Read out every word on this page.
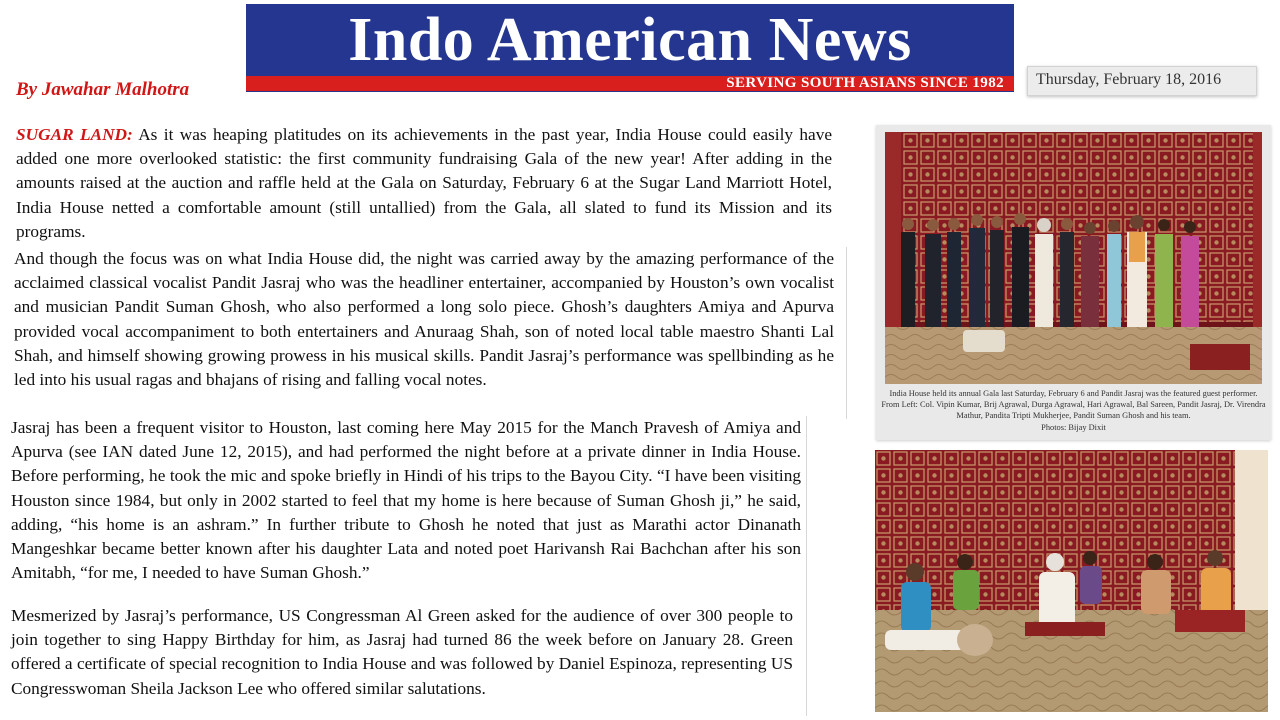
Indo American News
SERVING SOUTH ASIANS SINCE 1982	Thursday, February 18, 2016
By Jawahar Malhotra

SUGAR LAND: As it was heaping platitudes on its achievements in the past year, India House could easily have added one more overlooked statistic: the first community fundraising Gala of the new year! After adding in the amounts raised at the auction and raffle held at the Gala on Saturday, February 6 at the Sugar Land Marriott Hotel, India House netted a comfortable amount (still untallied) from the Gala, all slated to fund its Mission and its programs.

And though the focus was on what India House did, the night was carried away by the amazing performance of the acclaimed classical vocalist Pandit Jasraj who was the headliner entertainer, accompanied by Houston’s own vocalist and musician Pandit Suman Ghosh, who also performed a long solo piece. Ghosh’s daughters Amiya and Apurva provided vocal accompaniment to both entertainers and Anuraag Shah, son of noted local table maestro Shanti Lal Shah, and himself showing growing prowess in his musical skills. Pandit Jasraj’s performance was spellbinding as he led into his usual ragas and bhajans of rising and falling vocal notes.

Jasraj has been a frequent visitor to Houston, last coming here May 2015 for the Manch Pravesh of Amiya and Apurva (see IAN dated June 12, 2015), and had performed the night before at a private dinner in India House. Before performing, he took the mic and spoke briefly in Hindi of his trips to the Bayou City. “I have been visiting Houston since 1984, but only in 2002 started to feel that my home is here because of Suman Ghosh ji,” he said, adding, “his home is an ashram.” In further tribute to Ghosh he noted that just as Marathi actor Dinanath Mangeshkar became better known after his daughter Lata and noted poet Harivansh Rai Bachchan after his son Amitabh, “for me, I needed to have Suman Ghosh.”

Mesmerized by Jasraj’s performance, US Congressman Al Green asked for the audience of over 300 people to join together to sing Happy Birthday for him, as Jasraj had turned 86 the week before on January 28. Green offered a certificate of special recognition to India House and was followed by Daniel Espinoza, representing US Congresswoman Sheila Jackson Lee who offered similar salutations.

India House held its annual Gala last Saturday, February 6 and Pandit Jasraj was the featured guest performer. From Left: Col. Vipin Kumar, Brij Agrawal, Durga Agrawal, Hari Agrawal, Bal Sareen, Pandit Jasraj, Dr. Virendra Mathur, Pandita Tripti Mukherjee, Pandit Suman Ghosh and his team.
Photos: Bijay Dixit
